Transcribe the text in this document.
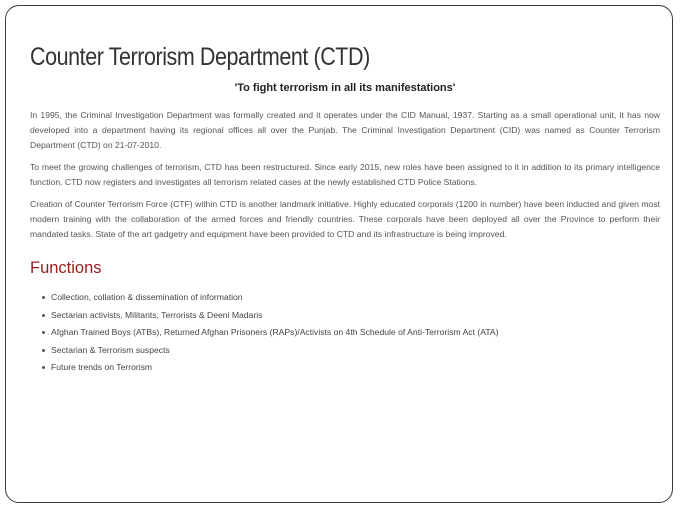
Counter Terrorism Department (CTD)
'To fight terrorism in all its manifestations'

In 1995, the Criminal Investigation Department was formally created and it operates under the CID Manual, 1937. Starting as a small operational unit, it has now developed into a department having its regional offices all over the Punjab. The Criminal Investigation Department (CID) was named as Counter Terrorism Department (CTD) on 21-07-2010.

To meet the growing challenges of terrorism, CTD has been restructured. Since early 2015, new roles have been assigned to it in addition to its primary intelligence function. CTD now registers and investigates all terrorism related cases at the newly established CTD Police Stations.

Creation of Counter Terrorism Force (CTF) within CTD is another landmark initiative. Highly educated corporals (1200 in number) have been inducted and given most modern training with the collaboration of the armed forces and friendly countries. These corporals have been deployed all over the Province to perform their mandated tasks. State of the art gadgetry and equipment have been provided to CTD and its infrastructure is being improved.

Functions
Collection, collation & dissemination of information
Sectarian activists, Militants, Terrorists & Deeni Madaris
Afghan Trained Boys (ATBs), Returned Afghan Prisoners (RAPs)/Activists on 4th Schedule of Anti-Terrorism Act (ATA)
Sectarian & Terrorism suspects
Future trends on Terrorism
